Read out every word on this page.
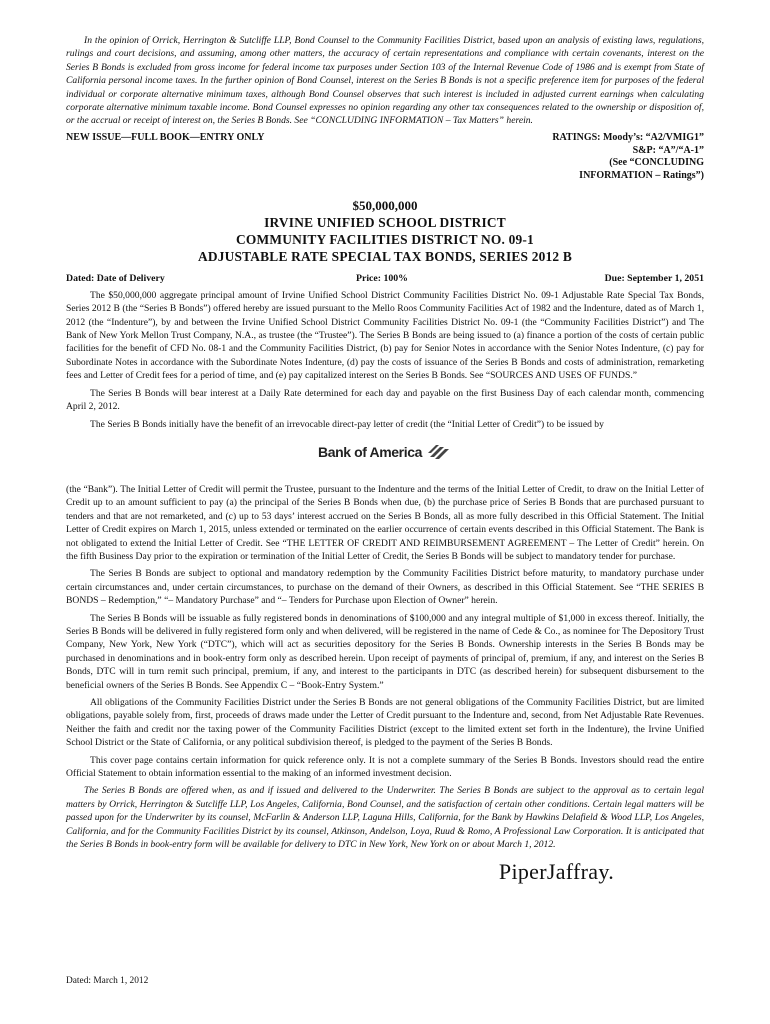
In the opinion of Orrick, Herrington & Sutcliffe LLP, Bond Counsel to the Community Facilities District, based upon an analysis of existing laws, regulations, rulings and court decisions, and assuming, among other matters, the accuracy of certain representations and compliance with certain covenants, interest on the Series B Bonds is excluded from gross income for federal income tax purposes under Section 103 of the Internal Revenue Code of 1986 and is exempt from State of California personal income taxes. In the further opinion of Bond Counsel, interest on the Series B Bonds is not a specific preference item for purposes of the federal individual or corporate alternative minimum taxes, although Bond Counsel observes that such interest is included in adjusted current earnings when calculating corporate alternative minimum taxable income. Bond Counsel expresses no opinion regarding any other tax consequences related to the ownership or disposition of, or the accrual or receipt of interest on, the Series B Bonds. See “CONCLUDING INFORMATION – Tax Matters” herein.

NEW ISSUE—FULL BOOK—ENTRY ONLY	RATINGS: Moody’s: “A2/VMIG1”
S&P: “A”/“A-1”
(See “CONCLUDING
INFORMATION – Ratings”)
$50,000,000
IRVINE UNIFIED SCHOOL DISTRICT
COMMUNITY FACILITIES DISTRICT NO. 09-1
ADJUSTABLE RATE SPECIAL TAX BONDS, SERIES 2012 B
Dated: Date of Delivery	Price: 100%	Due: September 1, 2051

The $50,000,000 aggregate principal amount of Irvine Unified School District Community Facilities District No. 09-1 Adjustable Rate Special Tax Bonds, Series 2012 B (the “Series B Bonds”) offered hereby are issued pursuant to the Mello Roos Community Facilities Act of 1982 and the Indenture, dated as of March 1, 2012 (the “Indenture”), by and between the Irvine Unified School District Community Facilities District No. 09-1 (the “Community Facilities District”) and The Bank of New York Mellon Trust Company, N.A., as trustee (the “Trustee”). The Series B Bonds are being issued to (a) finance a portion of the costs of certain public facilities for the benefit of CFD No. 08-1 and the Community Facilities District, (b) pay for Senior Notes in accordance with the Senior Notes Indenture, (c) pay for Subordinate Notes in accordance with the Subordinate Notes Indenture, (d) pay the costs of issuance of the Series B Bonds and costs of administration, remarketing fees and Letter of Credit fees for a period of time, and (e) pay capitalized interest on the Series B Bonds. See “SOURCES AND USES OF FUNDS.”

The Series B Bonds will bear interest at a Daily Rate determined for each day and payable on the first Business Day of each calendar month, commencing April 2, 2012.

The Series B Bonds initially have the benefit of an irrevocable direct-pay letter of credit (the “Initial Letter of Credit”) to be issued by

Bank of America

(the “Bank”). The Initial Letter of Credit will permit the Trustee, pursuant to the Indenture and the terms of the Initial Letter of Credit, to draw on the Initial Letter of Credit up to an amount sufficient to pay (a) the principal of the Series B Bonds when due, (b) the purchase price of Series B Bonds that are purchased pursuant to tenders and that are not remarketed, and (c) up to 53 days’ interest accrued on the Series B Bonds, all as more fully described in this Official Statement. The Initial Letter of Credit expires on March 1, 2015, unless extended or terminated on the earlier occurrence of certain events described in this Official Statement. The Bank is not obligated to extend the Initial Letter of Credit. See “THE LETTER OF CREDIT AND REIMBURSEMENT AGREEMENT – The Letter of Credit” herein. On the fifth Business Day prior to the expiration or termination of the Initial Letter of Credit, the Series B Bonds will be subject to mandatory tender for purchase.

The Series B Bonds are subject to optional and mandatory redemption by the Community Facilities District before maturity, to mandatory purchase under certain circumstances and, under certain circumstances, to purchase on the demand of their Owners, as described in this Official Statement. See “THE SERIES B BONDS – Redemption,” “– Mandatory Purchase” and “– Tenders for Purchase upon Election of Owner” herein.

The Series B Bonds will be issuable as fully registered bonds in denominations of $100,000 and any integral multiple of $1,000 in excess thereof. Initially, the Series B Bonds will be delivered in fully registered form only and when delivered, will be registered in the name of Cede & Co., as nominee for The Depository Trust Company, New York, New York (“DTC”), which will act as securities depository for the Series B Bonds. Ownership interests in the Series B Bonds may be purchased in denominations and in book-entry form only as described herein. Upon receipt of payments of principal of, premium, if any, and interest on the Series B Bonds, DTC will in turn remit such principal, premium, if any, and interest to the participants in DTC (as described herein) for subsequent disbursement to the beneficial owners of the Series B Bonds. See Appendix C – “Book-Entry System.”

All obligations of the Community Facilities District under the Series B Bonds are not general obligations of the Community Facilities District, but are limited obligations, payable solely from, first, proceeds of draws made under the Letter of Credit pursuant to the Indenture and, second, from Net Adjustable Rate Revenues. Neither the faith and credit nor the taxing power of the Community Facilities District (except to the limited extent set forth in the Indenture), the Irvine Unified School District or the State of California, or any political subdivision thereof, is pledged to the payment of the Series B Bonds.

This cover page contains certain information for quick reference only. It is not a complete summary of the Series B Bonds. Investors should read the entire Official Statement to obtain information essential to the making of an informed investment decision.

The Series B Bonds are offered when, as and if issued and delivered to the Underwriter. The Series B Bonds are subject to the approval as to certain legal matters by Orrick, Herrington & Sutcliffe LLP, Los Angeles, California, Bond Counsel, and the satisfaction of certain other conditions. Certain legal matters will be passed upon for the Underwriter by its counsel, McFarlin & Anderson LLP, Laguna Hills, California, for the Bank by Hawkins Delafield & Wood LLP, Los Angeles, California, and for the Community Facilities District by its counsel, Atkinson, Andelson, Loya, Ruud & Romo, A Professional Law Corporation. It is anticipated that the Series B Bonds in book-entry form will be available for delivery to DTC in New York, New York on or about March 1, 2012.

PiperJaffray.
Dated: March 1, 2012
